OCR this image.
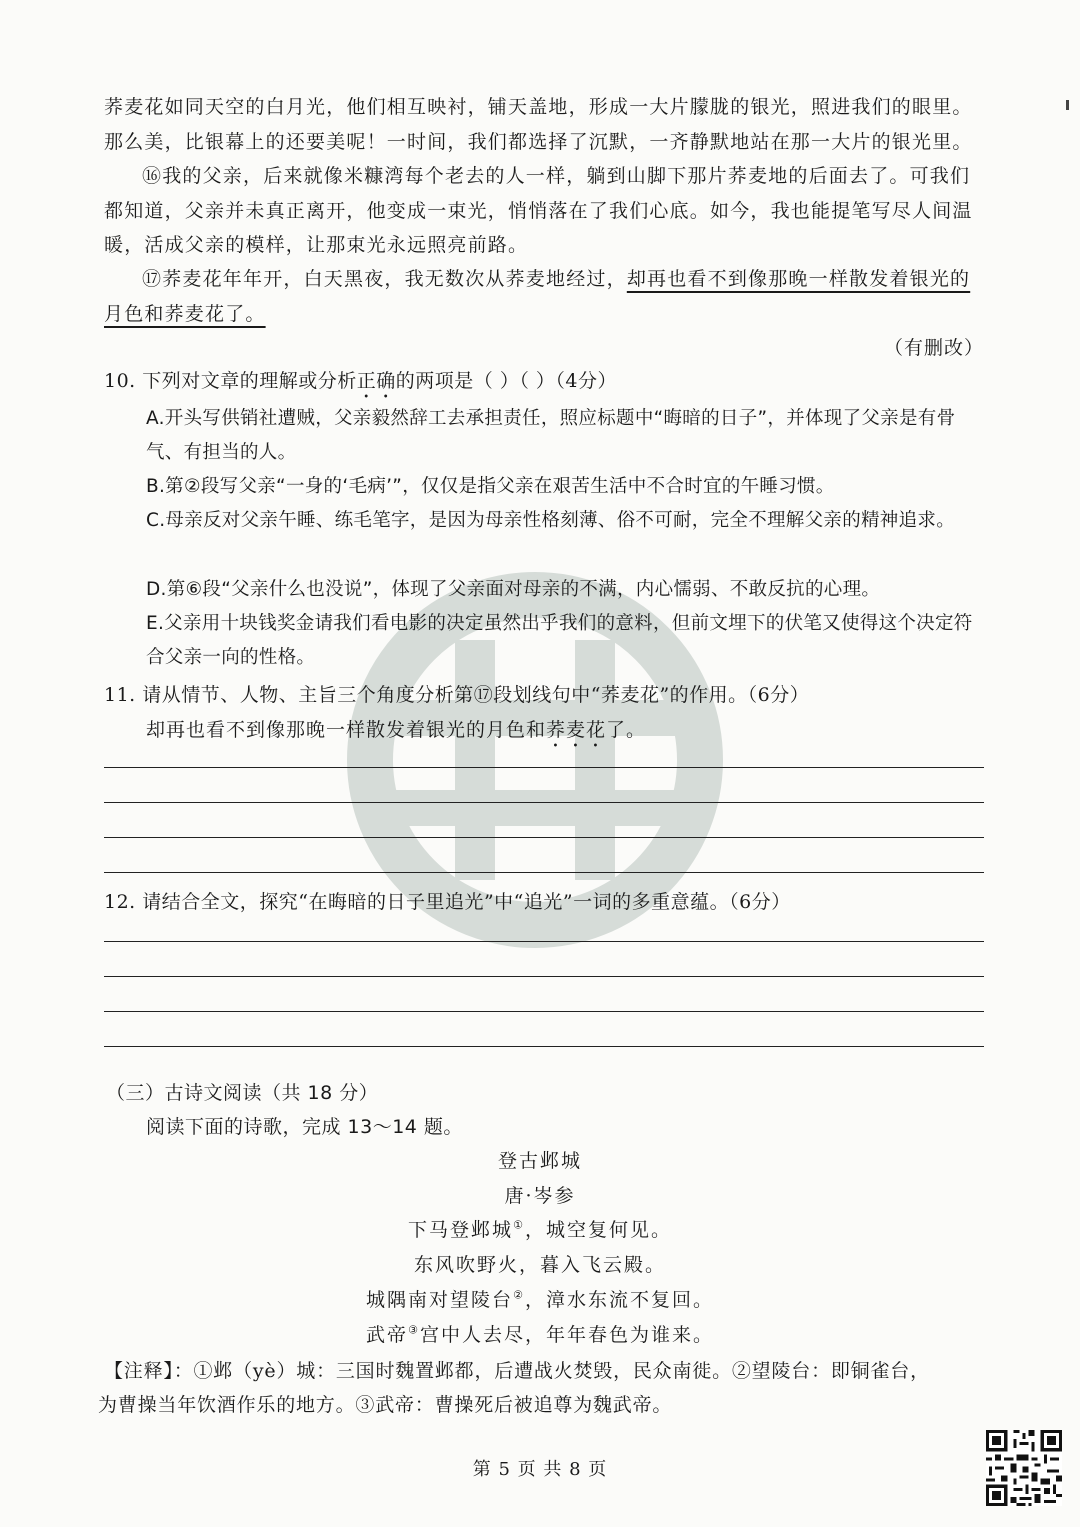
荞麦花如同天空的白月光，他们相互映衬，铺天盖地，形成一大片朦胧的银光，照进我们的眼里。那么美，比银幕上的还要美呢！一时间，我们都选择了沉默，一齐静默地站在那一大片的银光里。
⑯我的父亲，后来就像米糠湾每个老去的人一样，躺到山脚下那片荞麦地的后面去了。可我们都知道，父亲并未真正离开，他变成一束光，悄悄落在了我们心底。如今，我也能提笔写尽人间温暖，活成父亲的模样，让那束光永远照亮前路。
⑰荞麦花年年开，白天黑夜，我无数次从荞麦地经过，却再也看不到像那晚一样散发着银光的月色和荞麦花了。
（有删改）
10. 下列对文章的理解或分析正确的两项是（ ）（ ）（4分）
A.开头写供销社遭贼，父亲毅然辞工去承担责任，照应标题中“晦暗的日子”，并体现了父亲是有骨气、有担当的人。
B.第②段写父亲“一身的‘毛病’”，仅仅是指父亲在艰苦生活中不合时宜的午睡习惯。
C.母亲反对父亲午睡、练毛笔字，是因为母亲性格刻薄、俗不可耐，完全不理解父亲的精神追求。
D.第⑥段“父亲什么也没说”，体现了父亲面对母亲的不满，内心懦弱、不敢反抗的心理。
E.父亲用十块钱奖金请我们看电影的决定虽然出乎我们的意料，但前文埋下的伏笔又使得这个决定符合父亲一向的性格。
11. 请从情节、人物、主旨三个角度分析第⑰段划线句中“荞麦花”的作用。（6分）
却再也看不到像那晚一样散发着银光的月色和荞麦花了。
12. 请结合全文，探究“在晦暗的日子里追光”中“追光”一词的多重意蕴。（6分）
（三）古诗文阅读（共 18 分）
阅读下面的诗歌，完成 13～14 题。
登古邺城
唐·岑参
下马登邺城①，城空复何见。
东风吹野火，暮入飞云殿。
城隅南对望陵台②，漳水东流不复回。
武帝③宫中人去尽，年年春色为谁来。
【注释】：①邺（yè）城：三国时魏置邺都，后遭战火焚毁，民众南徙。②望陵台：即铜雀台，
为曹操当年饮酒作乐的地方。③武帝：曹操死后被追尊为魏武帝。
第 5 页 共 8 页
